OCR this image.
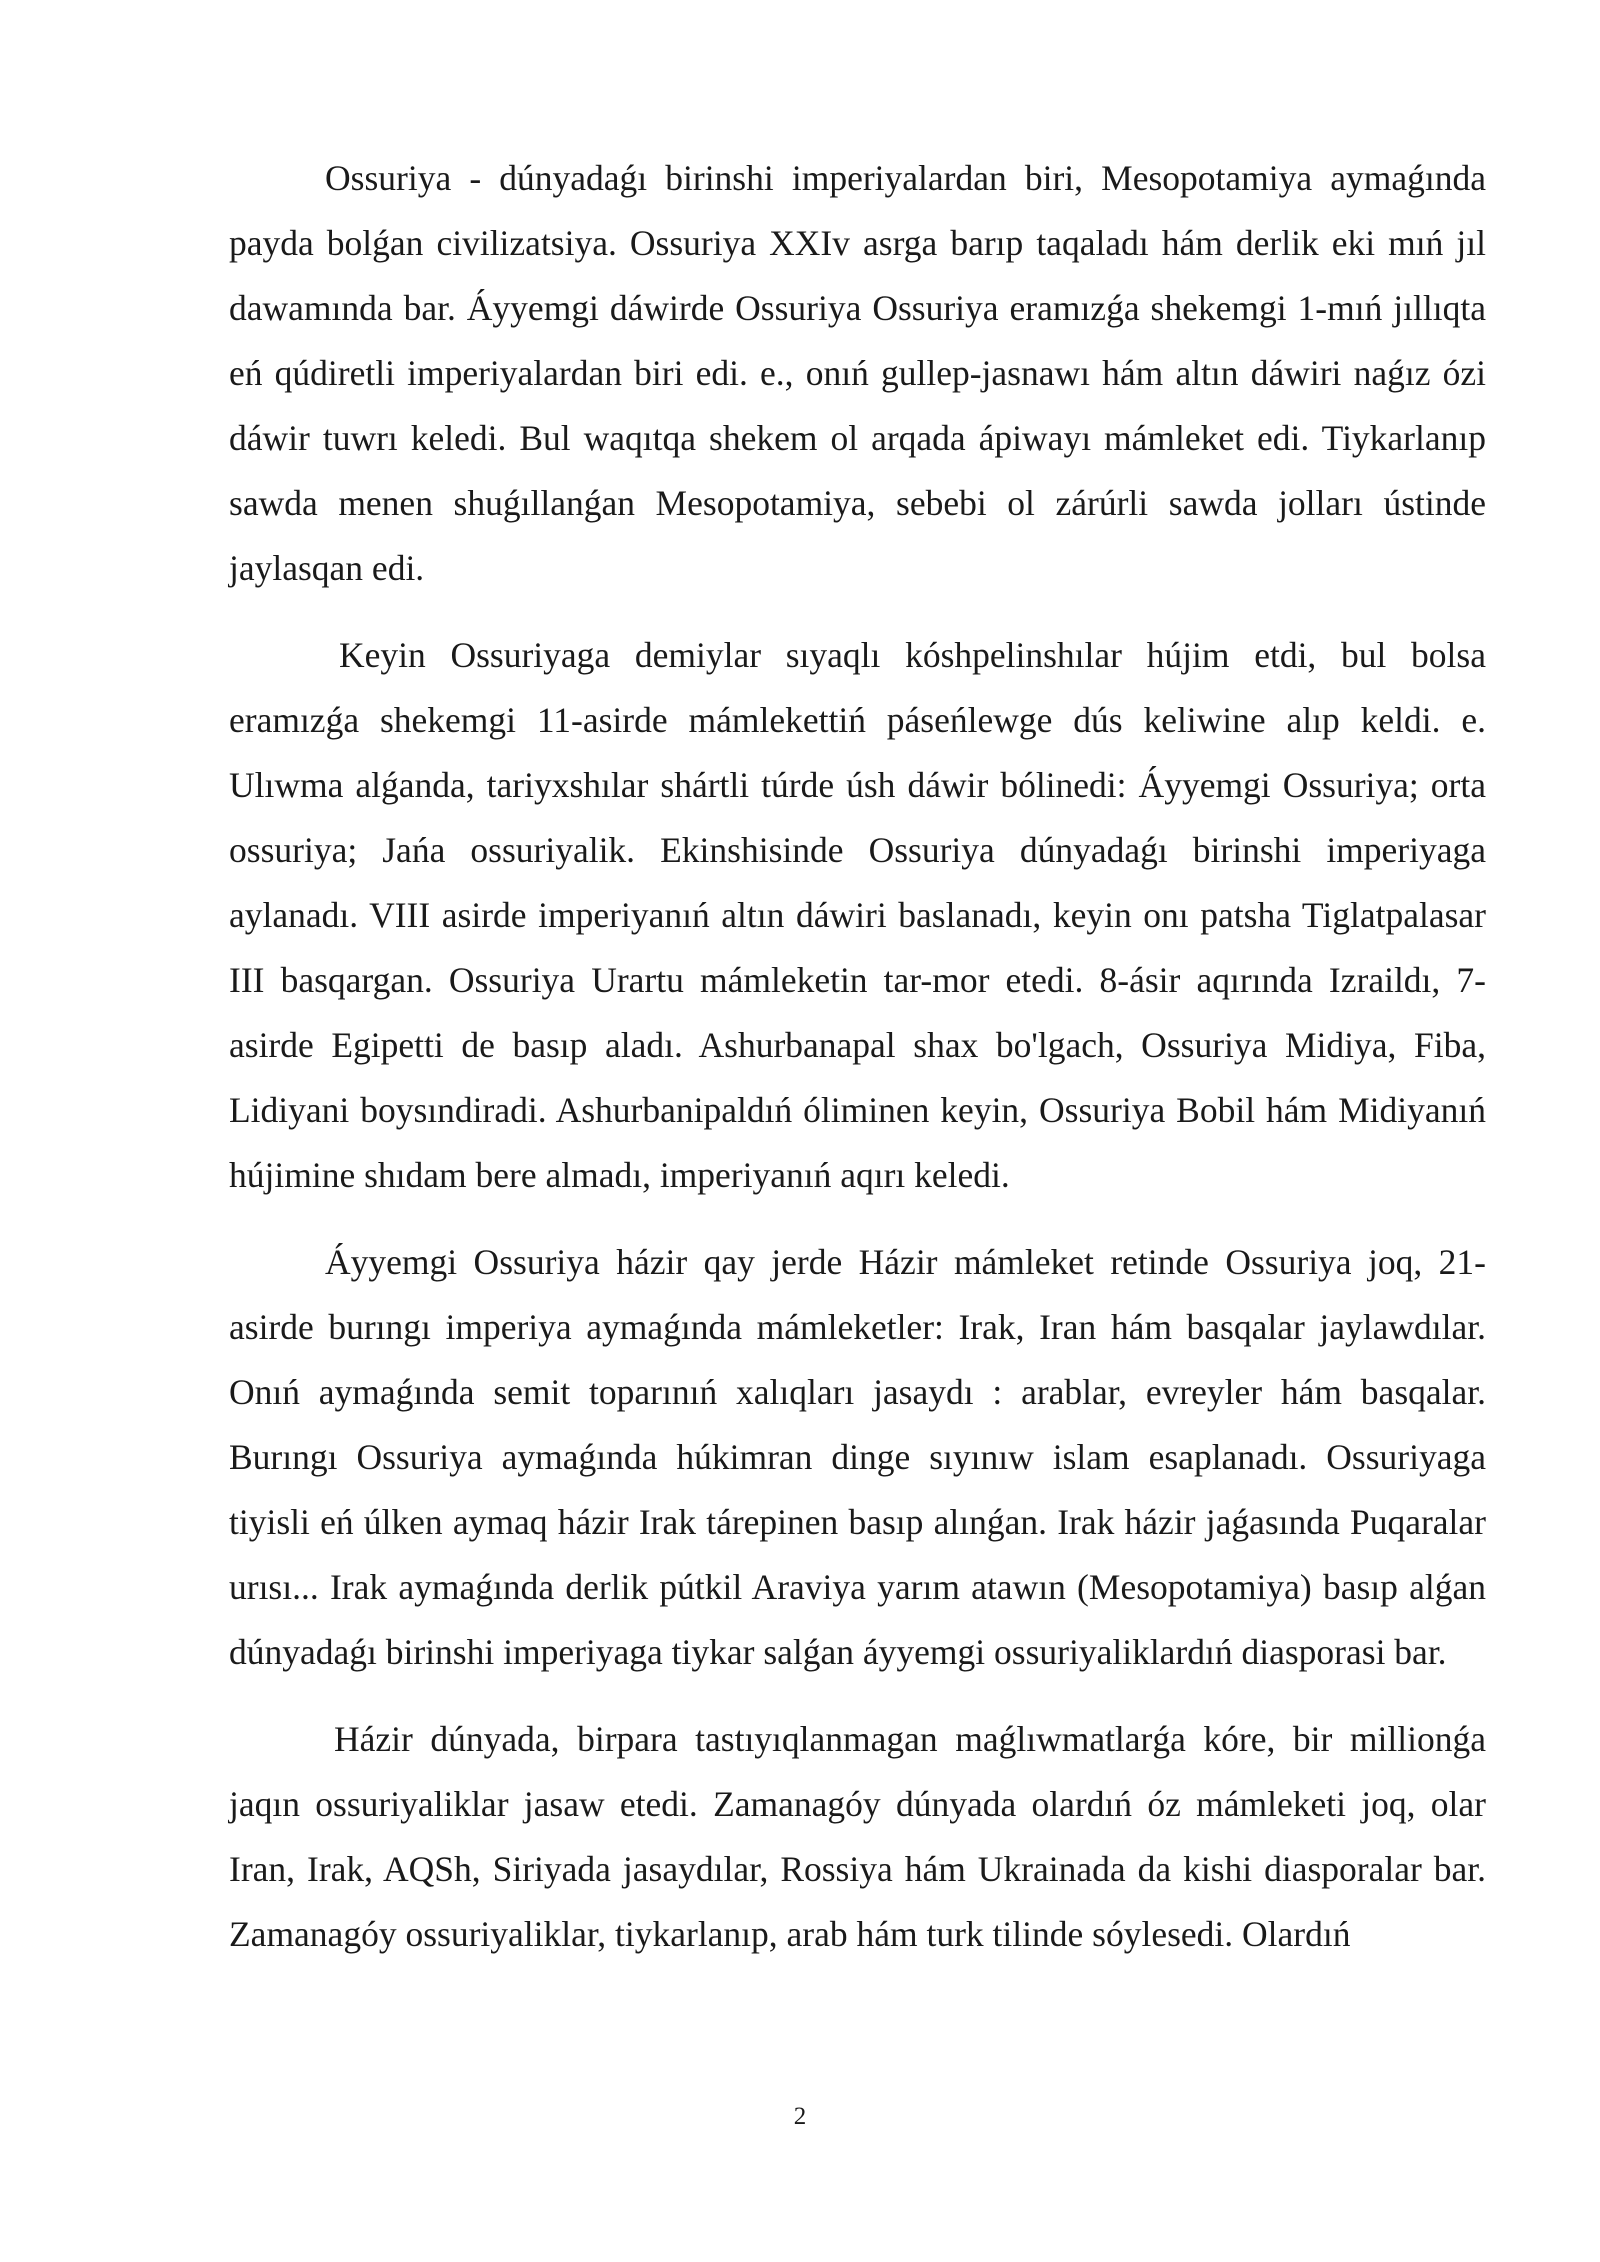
Ossuriya - dúnyadaǵı birinshi imperiyalardan biri, Mesopotamiya aymaǵında payda bolǵan civilizatsiya. Ossuriya XXIv asrga barıp taqaladı hám derlik eki mıń jıl dawamında bar. Áyyemgi dáwirde Ossuriya Ossuriya eramızǵa shekemgi 1-mıń jıllıqta eń qúdiretli imperiyalardan biri edi. e., onıń gullep-jasnawı hám altın dáwiri naǵız ózi dáwir tuwrı keledi. Bul waqıtqa shekem ol arqada ápiwayı mámleket edi. Tiykarlanıp sawda menen shuǵıllanǵan Mesopotamiya, sebebi ol zárúrli sawda jolları ústinde jaylasqan edi.

Keyin Ossuriyaga demiylar sıyaqlı kóshpelinshılar hújim etdi, bul bolsa eramızǵa shekemgi 11-asirde mámlekettiń páseńlewge dús keliwine alıp keldi. e. Ulıwma alǵanda, tariyxshılar shártli túrde úsh dáwir bólinedi: Áyyemgi Ossuriya; orta ossuriya; Jańa ossuriyalik. Ekinshisinde Ossuriya dúnyadaǵı birinshi imperiyaga aylanadı. VIII asirde imperiyanıń altın dáwiri baslanadı, keyin onı patsha Tiglatpalasar III basqargan. Ossuriya Urartu mámleketin tar-mor etedi. 8-ásir aqırında Izraildı, 7-asirde Egipetti de basıp aladı. Ashurbanapal shax bo'lgach, Ossuriya Midiya, Fiba, Lidiyani boysındiradi. Ashurbanipaldıń óliminen keyin, Ossuriya Bobil hám Midiyanıń hújimine shıdam bere almadı, imperiyanıń aqırı keledi.

Áyyemgi Ossuriya házir qay jerde Házir mámleket retinde Ossuriya joq, 21-asirde burıngı imperiya aymaǵında mámleketler: Irak, Iran hám basqalar jaylawdılar. Onıń aymaǵında semit toparınıń xalıqları jasaydı : arablar, evreyler hám basqalar. Burıngı Ossuriya aymaǵında húkimran dinge sıyınıw islam esaplanadı. Ossuriyaga tiyisli eń úlken aymaq házir Irak tárepinen basıp alınǵan. Irak házir jaǵasında Puqaralar urısı... Irak aymaǵında derlik pútkil Araviya yarım atawın (Mesopotamiya) basıp alǵan dúnyadaǵı birinshi imperiyaga tiykar salǵan áyyemgi ossuriyaliklardıń diasporasi bar.

Házir dúnyada, birpara tastıyıqlanmagan maǵlıwmatlarǵa kóre, bir millionǵa jaqın ossuriyaliklar jasaw etedi. Zamanagóy dúnyada olardıń óz mámleketi joq, olar Iran, Irak, AQSh, Siriyada jasaydılar, Rossiya hám Ukrainada da kishi diasporalar bar. Zamanagóy ossuriyaliklar, tiykarlanıp, arab hám turk tilinde sóylesedi. Olardıń

2
